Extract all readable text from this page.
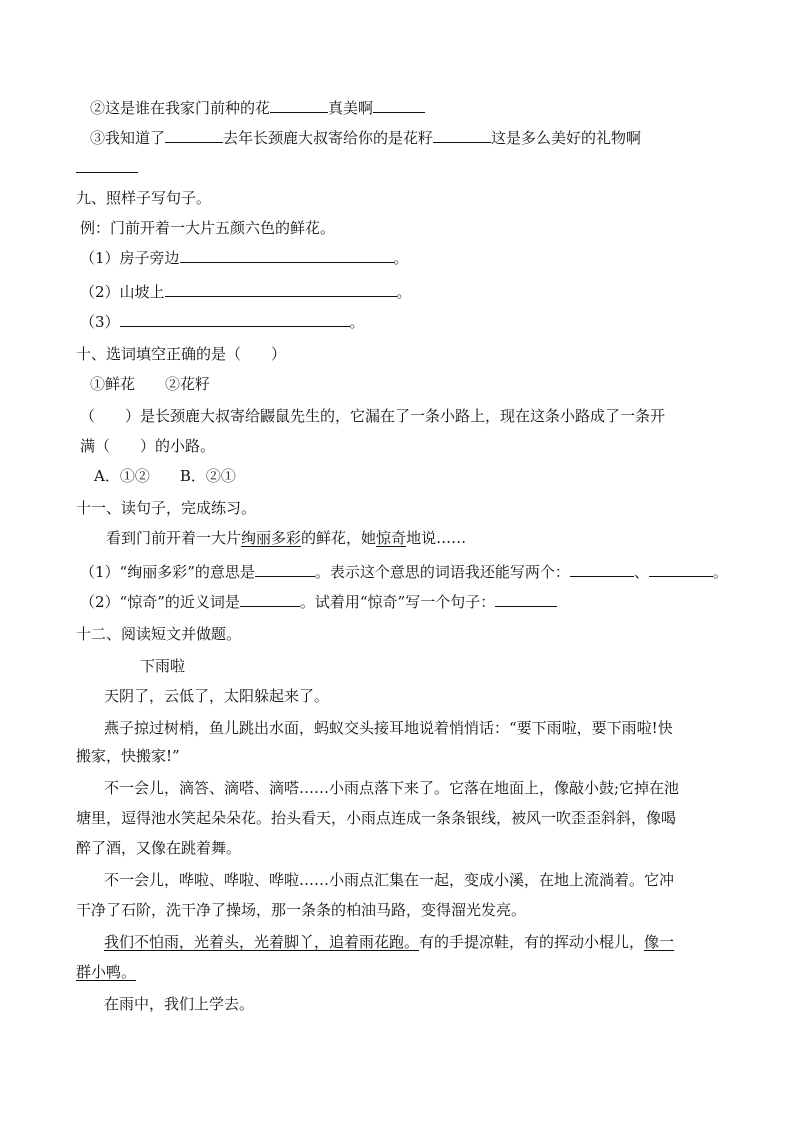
②这是谁在我家门前种的花	真美啊
③我知道了	去年长颈鹿大叔寄给你的是花籽	这是多么美好的礼物啊
九、照样子写句子。
例：门前开着一大片五颜六色的鲜花。
（1）房子旁边	。
（2）山坡上	。
（3）	。
十、选词填空正确的是（　　）
①鲜花　　②花籽
（　　）是长颈鹿大叔寄给鼹鼠先生的，它漏在了一条小路上，现在这条小路成了一条开
满（　　）的小路。
A．①②　　B．②①
十一、读句子，完成练习。
看到门前开着一大片绚丽多彩的鲜花，她惊奇地说……
（1）“绚丽多彩”的意思是	。表示这个意思的词语我还能写两个：	、	。
（2）“惊奇”的近义词是	。试着用“惊奇”写一个句子：
十二、阅读短文并做题。
下雨啦
天阴了，云低了，太阳躲起来了。
燕子掠过树梢，鱼儿跳出水面，蚂蚁交头接耳地说着悄悄话：“要下雨啦，要下雨啦!快
搬家，快搬家!”
不一会儿，滴答、滴嗒、滴嗒……小雨点落下来了。它落在地面上，像敲小鼓;它掉在池
塘里，逗得池水笑起朵朵花。抬头看天，小雨点连成一条条银线，被风一吹歪歪斜斜，像喝
醉了酒，又像在跳着舞。
不一会儿，哗啦、哗啦、哗啦……小雨点汇集在一起，变成小溪，在地上流淌着。它冲
干净了石阶，洗干净了操场，那一条条的柏油马路，变得溜光发亮。
我们不怕雨，光着头，光着脚丫，追着雨花跑。有的手提凉鞋，有的挥动小棍儿，像一
群小鸭。
在雨中，我们上学去。
